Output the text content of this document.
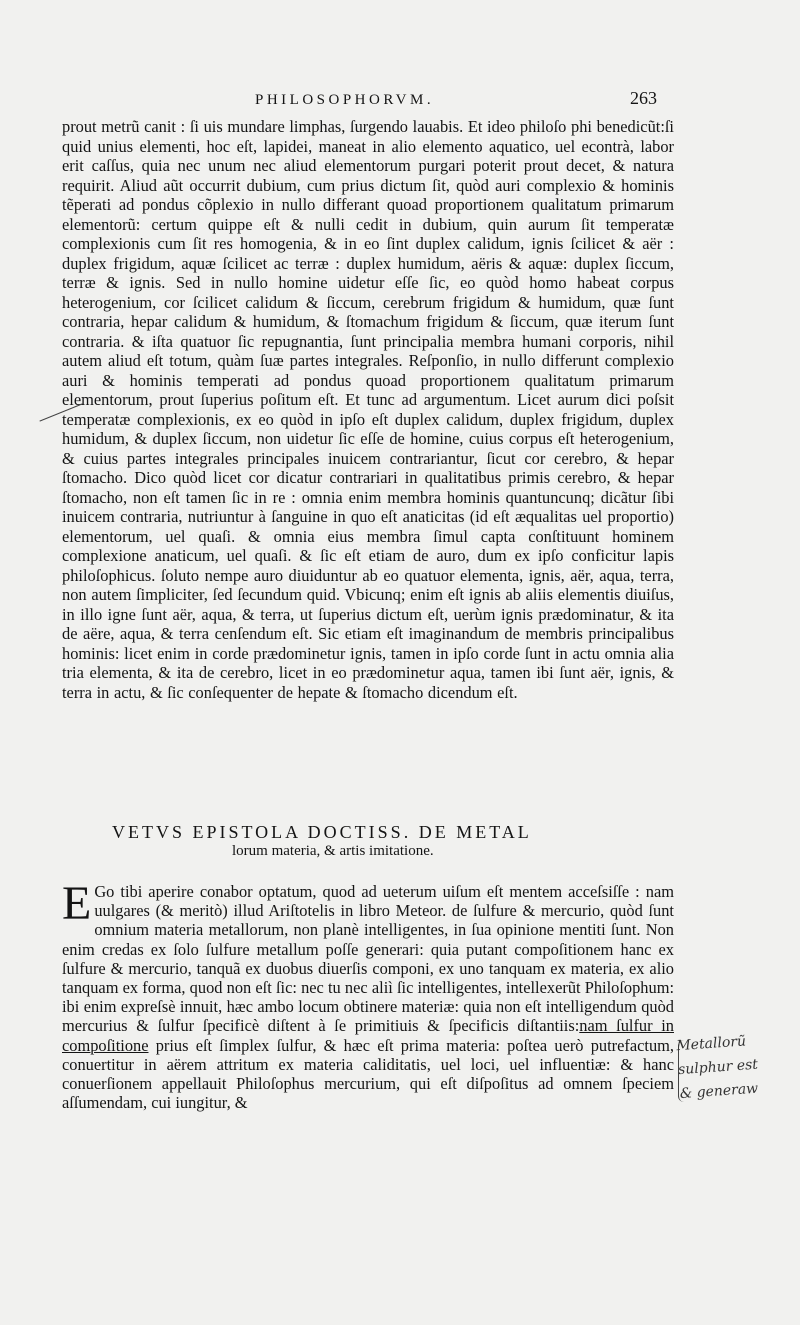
PHILOSOPHORVM.	263

prout metrũ canit : ſi uis mundare limphas, ſurgendo lauabis. Et ideo philoſo phi benedicũt:ſi quid unius elementi, hoc eſt, lapidei, maneat in alio elemento aquatico, uel econtrà, labor erit caſſus, quia nec unum nec aliud elementorum purgari poterit prout decet, & natura requirit. Aliud aũt occurrit dubium, cum prius dictum ſit, quòd auri complexio & hominis tẽperati ad pondus cõplexio in nullo differant quoad proportionem qualitatum primarum elementorũ: certum quippe eſt & nulli cedit in dubium, quin aurum ſit temperatæ complexionis cum ſit res homogenia, & in eo ſint duplex calidum, ignis ſcilicet & aër : duplex frigidum, aquæ ſcilicet ac terræ : duplex humidum, aëris & aquæ: duplex ſiccum, terræ & ignis. Sed in nullo homine uidetur eſſe ſic, eo quòd homo habeat corpus heterogenium, cor ſcilicet calidum & ſiccum, cerebrum frigidum & humidum, quæ ſunt contraria, hepar calidum & humidum, & ſtomachum frigidum & ſiccum, quæ iterum ſunt contraria. & iſta quatuor ſic repugnantia, ſunt principalia membra humani corporis, nihil autem aliud eſt totum, quàm ſuæ partes integrales. Reſponſio, in nullo differunt complexio auri & hominis temperati ad pondus quoad proportionem qualitatum primarum elementorum, prout ſuperius poſitum eſt. Et tunc ad argumentum. Licet aurum dici poſsit temperatæ complexionis, ex eo quòd in ipſo eſt duplex calidum, duplex frigidum, duplex humidum, & duplex ſiccum, non uidetur ſic eſſe de homine, cuius corpus eſt heterogenium, & cuius partes integrales principales inuicem contrariantur, ſicut cor cerebro, & hepar ſtomacho. Dico quòd licet cor dicatur contrariari in qualitatibus primis cerebro, & hepar ſtomacho, non eſt tamen ſic in re : omnia enim membra hominis quantuncunq; dicãtur ſibi inuicem contraria, nutriuntur à ſanguine in quo eſt anaticitas (id eſt æqualitas uel proportio) elementorum, uel quaſi. & omnia eius membra ſimul capta conſtituunt hominem complexione anaticum, uel quaſi. & ſic eſt etiam de auro, dum ex ipſo conficitur lapis philoſophicus. ſoluto nempe auro diuiduntur ab eo quatuor elementa, ignis, aër, aqua, terra, non autem ſimpliciter, ſed ſecundum quid. Vbicunq; enim eſt ignis ab aliis elementis diuiſus, in illo igne ſunt aër, aqua, & terra, ut ſuperius dictum eſt, uerùm ignis prædominatur, & ita de aëre, aqua, & terra cenſendum eſt. Sic etiam eſt imaginandum de membris principalibus hominis: licet enim in corde prædominetur ignis, tamen in ipſo corde ſunt in actu omnia alia tria elementa, & ita de cerebro, licet in eo prædominetur aqua, tamen ibi ſunt aër, ignis, & terra in actu, & ſic conſequenter de hepate & ſtomacho dicendum eſt.

VETVS EPISTOLA DOCTISS. DE METAL
lorum materia, & artis imitatione.

E Go tibi aperire conabor optatum, quod ad ueterum uiſum eſt mentem acceſsiſſe : nam uulgares (& meritò) illud Ariſtotelis in libro Meteor. de ſulfure & mercurio, quòd ſunt omnium materia metallorum, non planè intelligentes, in ſua opinione mentiti ſunt. Non enim credas ex ſolo ſulfure metallum poſſe generari: quia putant compoſitionem hanc ex ſulfure & mercurio, tanquã ex duobus diuerſis componi, ex uno tanquam ex materia, ex alio tanquam ex forma, quod non eſt ſic: nec tu nec aliì ſic intelligentes, intellexerũt Philoſophum: ibi enim expreſsè innuit, hæc ambo locum obtinere materiæ: quia non eſt intelligendum quòd mercurius & ſulfur ſpecificè diſtent à ſe primitiuis & ſpecificis diſtantiis:nam ſulfur in compoſitione prius eſt ſimplex ſulfur, & hæc eſt prima materia: poſtea uerò putrefactum, conuertitur in aërem attritum ex materia caliditatis, uel loci, uel influentiæ: & hanc conuerſionem appellauit Philoſophus mercurium, qui eſt diſpoſitus ad omnem ſpeciem aſſumendam, cui iungitur, &

Metallorũ
sulphur est
& generaw
